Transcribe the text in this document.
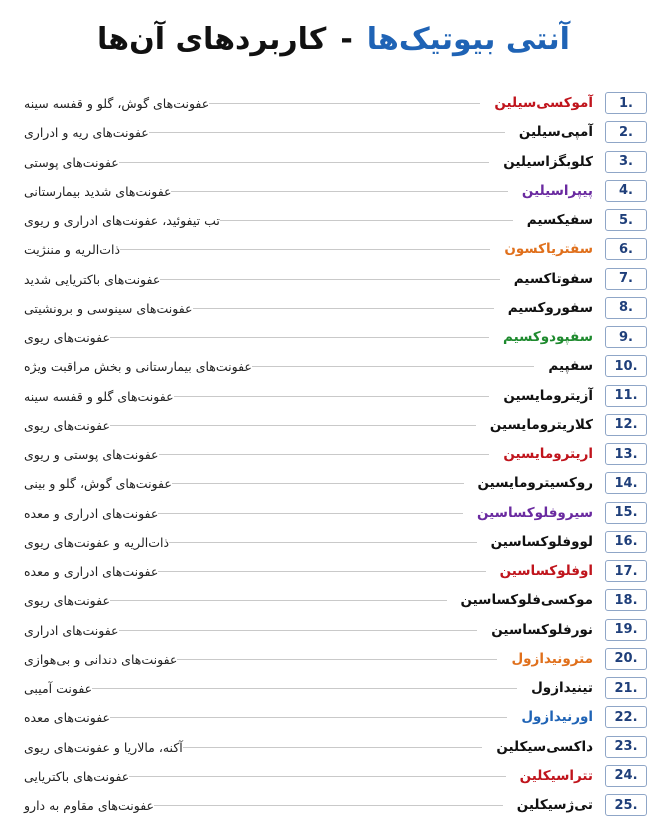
آنتی بیوتیک‌ها
-
کاربردهای آن‌ها
عفونت‌های گوش، گلو و قفسه سینه	آموکسی‌سیلین	1.
عفونت‌های ریه و ادراری	آمپی‌سیلین	2.
عفونت‌های پوستی	کلوبگزاسیلین	3.
عفونت‌های شدید بیمارستانی	پیپراسیلین	4.
تب تیفوئید، عفونت‌های ادراری و ریوی	سفیکسیم	5.
ذات‌الریه و مننژیت	سفتریاکسون	6.
عفونت‌های باکتریایی شدید	سفوتاکسیم	7.
عفونت‌های سینوسی و برونشیتی	سفوروکسیم	8.
عفونت‌های ریوی	سفپودوکسیم	9.
عفونت‌های بیمارستانی و بخش مراقبت ویژه	سفپیم	10.
عفونت‌های گلو و قفسه سینه	آزیترومایسین	11.
عفونت‌های ریوی	کلاریترومایسین	12.
عفونت‌های پوستی و ریوی	اریترومایسین	13.
عفونت‌های گوش، گلو و بینی	روکسیترومایسین	14.
عفونت‌های ادراری و معده	سیروفلوکساسین	15.
ذات‌الریه و عفونت‌های ریوی	لووفلوکساسین	16.
عفونت‌های ادراری و معده	اوفلوکساسین	17.
عفونت‌های ریوی	موکسی‌فلوکساسین	18.
عفونت‌های ادراری	نورفلوکساسین	19.
عفونت‌های دندانی و بی‌هوازی	مترونیدازول	20.
عفونت آمیبی	تینیدازول	21.
عفونت‌های معده	اورنیدازول	22.
آکنه، مالاریا و عفونت‌های ریوی	داکسی‌سیکلین	23.
عفونت‌های باکتریایی	تتراسیکلین	24.
عفونت‌های مقاوم به دارو	تی‌ژسیکلین	25.
